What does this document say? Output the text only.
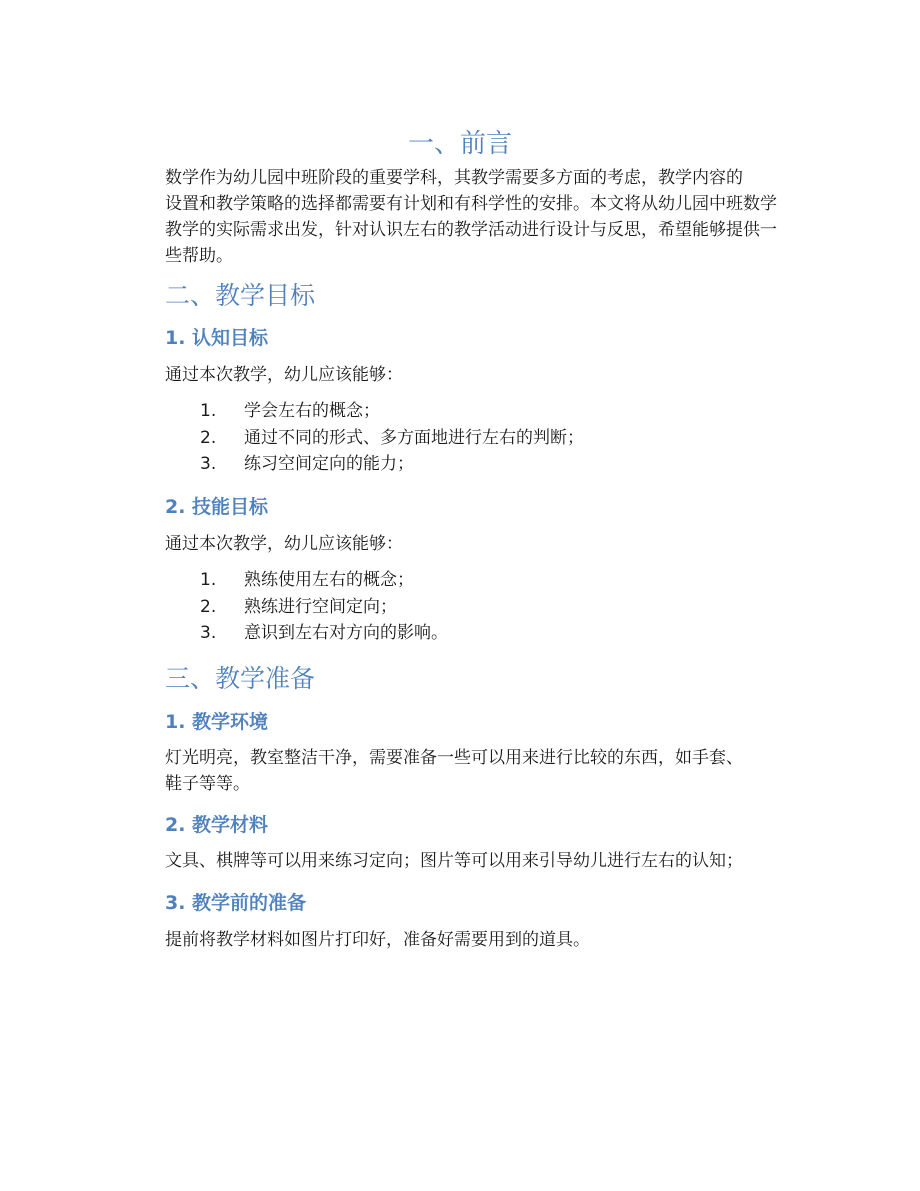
一、前言
数学作为幼儿园中班阶段的重要学科，其教学需要多方面的考虑，教学内容的
设置和教学策略的选择都需要有计划和有科学性的安排。本文将从幼儿园中班数学
教学的实际需求出发，针对认识左右的教学活动进行设计与反思，希望能够提供一
些帮助。
二、教学目标
1. 认知目标

通过本次教学，幼儿应该能够：

1. 学会左右的概念；
2. 通过不同的形式、多方面地进行左右的判断；
3. 练习空间定向的能力；
2. 技能目标

通过本次教学，幼儿应该能够：

1. 熟练使用左右的概念；
2. 熟练进行空间定向；
3. 意识到左右对方向的影响。
三、教学准备
1. 教学环境
灯光明亮，教室整洁干净，需要准备一些可以用来进行比较的东西，如手套、
鞋子等等。
2. 教学材料

文具、棋牌等可以用来练习定向；图片等可以用来引导幼儿进行左右的认知；

3. 教学前的准备

提前将教学材料如图片打印好，准备好需要用到的道具。
